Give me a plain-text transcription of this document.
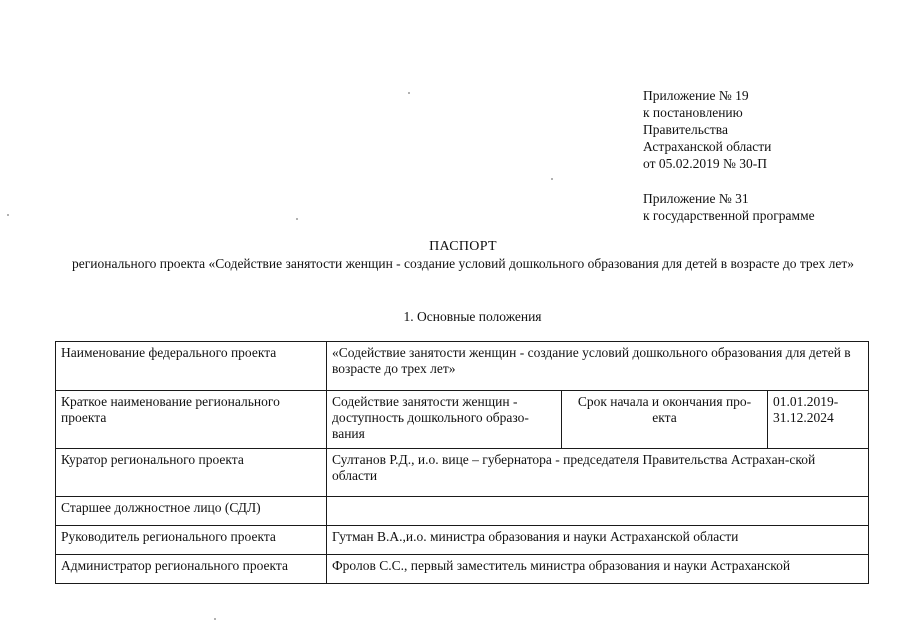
Приложение № 19
к постановлению
Правительства
Астраханской области
от 05.02.2019 № 30-П
Приложение № 31
к государственной программе
ПАСПОРТ
регионального проекта «Содействие занятости женщин - создание условий дошкольного образования для детей в возрасте до трех лет»
1. Основные положения
Наименование федерального проекта	«Содействие занятости женщин - создание условий дошкольного образования для детей в возрасте до трех лет»		
Краткое наименование регионального проекта	Содействие занятости женщин - доступность дошкольного образо-вания	Срок начала и окончания про-екта	01.01.2019-31.12.2024
Куратор регионального проекта	Султанов Р.Д., и.о. вице – губернатора - председателя Правительства Астрахан-ской области		
Старшее должностное лицо (СДЛ)			
Руководитель регионального проекта	Гутман В.А.,и.о. министра образования и науки Астраханской области		
Администратор регионального проекта	Фролов С.С., первый заместитель министра образования и науки Астраханской		
